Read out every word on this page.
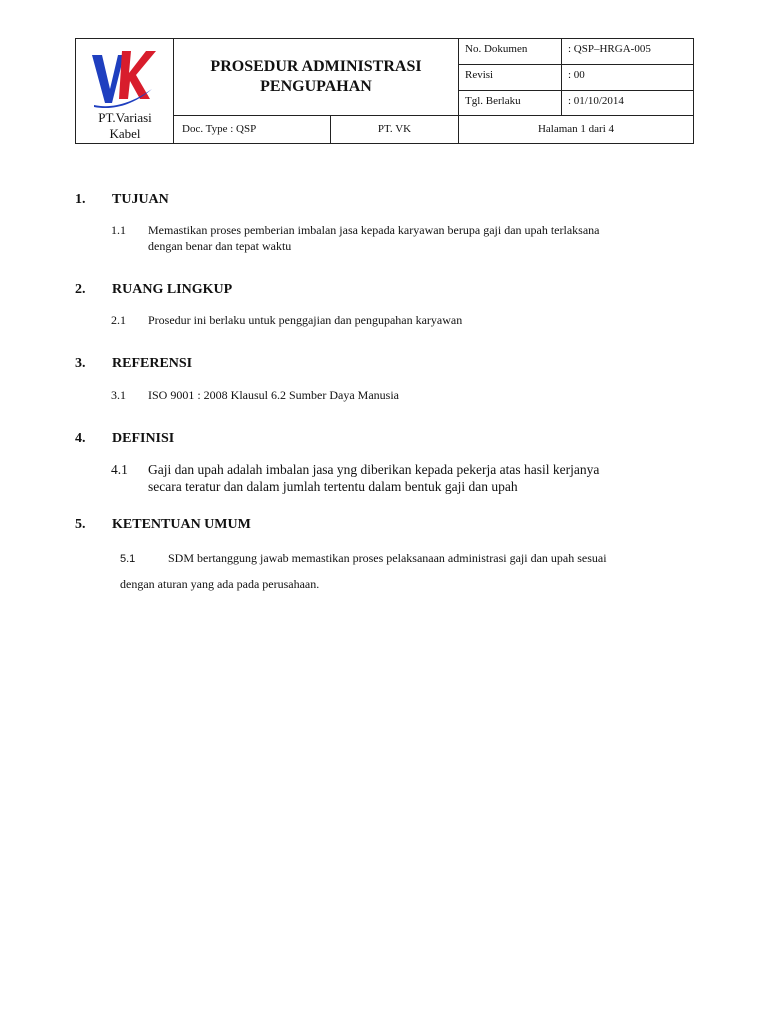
PT.Variasi
Kabel
PROSEDUR ADMINISTRASI
PENGUPAHAN
No. Dokumen	: QSP–HRGA-005
Revisi	: 00
Tgl. Berlaku	: 01/10/2014
Doc. Type : QSP	PT. VK	Halaman 1 dari 4
1. TUJUAN
1.1 Memastikan proses pemberian imbalan jasa kepada karyawan berupa gaji dan upah terlaksana
dengan benar dan tepat waktu
2. RUANG LINGKUP
2.1 Prosedur ini berlaku untuk penggajian dan pengupahan karyawan
3. REFERENSI
3.1 ISO 9001 : 2008 Klausul 6.2 Sumber Daya Manusia
4. DEFINISI
4.1 Gaji dan upah adalah imbalan jasa yng diberikan kepada pekerja atas hasil kerjanya
secara teratur dan dalam jumlah tertentu dalam bentuk gaji dan upah
5. KETENTUAN UMUM
5.1	SDM bertanggung jawab memastikan proses pelaksanaan administrasi gaji dan upah sesuai
dengan aturan yang ada pada perusahaan.
